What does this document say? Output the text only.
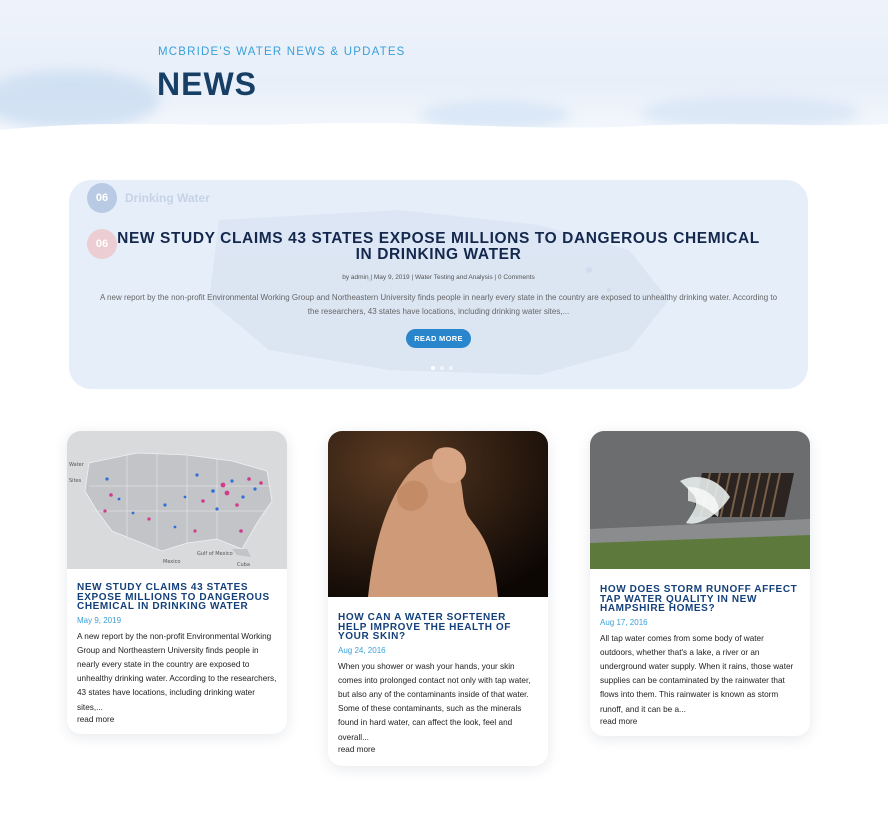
MCBRIDE'S WATER NEWS & UPDATES
NEWS
06	Drinking Water
06 NEW STUDY CLAIMS 43 STATES EXPOSE MILLIONS TO DANGEROUS CHEMICAL IN DRINKING WATER
by admin | May 9, 2019 | Water Testing and Analysis | 0 Comments
A new report by the non-profit Environmental Working Group and Northeastern University finds people in nearly every state in the country are exposed to unhealthy drinking water. According to the researchers, 43 states have locations, including drinking water sites,...
READ MORE
Water
Sites
Gulf of Mexico
Mexico	Cuba
NEW STUDY CLAIMS 43 STATES EXPOSE MILLIONS TO DANGEROUS CHEMICAL IN DRINKING WATER
May 9, 2019
A new report by the non-profit Environmental Working Group and Northeastern University finds people in nearly every state in the country are exposed to unhealthy drinking water. According to the researchers, 43 states have locations, including drinking water sites,...
read more
HOW CAN A WATER SOFTENER HELP IMPROVE THE HEALTH OF YOUR SKIN?
Aug 24, 2016
When you shower or wash your hands, your skin comes into prolonged contact not only with tap water, but also any of the contaminants inside of that water. Some of these contaminants, such as the minerals found in hard water, can affect the look, feel and overall...
read more
HOW DOES STORM RUNOFF AFFECT TAP WATER QUALITY IN NEW HAMPSHIRE HOMES?
Aug 17, 2016
All tap water comes from some body of water outdoors, whether that's a lake, a river or an underground water supply. When it rains, those water supplies can be contaminated by the rainwater that flows into them. This rainwater is known as storm runoff, and it can be a...
read more
